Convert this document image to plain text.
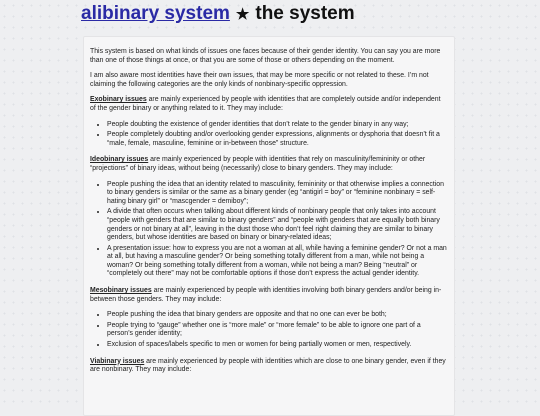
alibinary system ★ the system

This system is based on what kinds of issues one faces because of their gender identity. You can say you are more than one of those things at once, or that you are some of those or others depending on the moment.

I am also aware most identities have their own issues, that may be more specific or not related to these. I’m not claiming the following categories are the only kinds of nonbinary-specific oppression.

Exobinary issues are mainly experienced by people with identities that are completely outside and/or independent of the gender binary or anything related to it. They may include:

• People doubting the existence of gender identities that don’t relate to the gender binary in any way;
• People completely doubting and/or overlooking gender expressions, alignments or dysphoria that doesn’t fit a “male, female, masculine, feminine or in-between those” structure.

Ideobinary issues are mainly experienced by people with identities that rely on masculinity/femininity or other “projections” of binary ideas, without being (necessarily) close to binary genders. They may include:

• People pushing the idea that an identity related to masculinity, femininity or that otherwise implies a connection to binary genders is similar or the same as a binary gender (eg “antigirl = boy” or “feminine nonbinary = self-hating binary girl” or “mascgender = demiboy”;
• A divide that often occurs when talking about different kinds of nonbinary people that only takes into account “people with genders that are similar to binary genders” and “people with genders that are equally both binary genders or not binary at all”, leaving in the dust those who don’t feel right claiming they are similar to binary genders, but whose identities are based on binary or binary-related ideas;
• A presentation issue: how to express you are not a woman at all, while having a feminine gender? Or not a man at all, but having a masculine gender? Or being something totally different from a man, while not being a woman? Or being something totally different from a woman, while not being a man? Being “neutral” or “completely out there” may not be comfortable options if those don’t express the actual gender identity.

Mesobinary issues are mainly experienced by people with identities involving both binary genders and/or being in-between those genders. They may include:

• People pushing the idea that binary genders are opposite and that no one can ever be both;
• People trying to “gauge” whether one is “more male” or “more female” to be able to ignore one part of a person’s gender identity;
• Exclusion of spaces/labels specific to men or women for being partially women or men, respectively.

Viabinary issues are mainly experienced by people with identities which are close to one binary gender, even if they are nonbinary. They may include:
